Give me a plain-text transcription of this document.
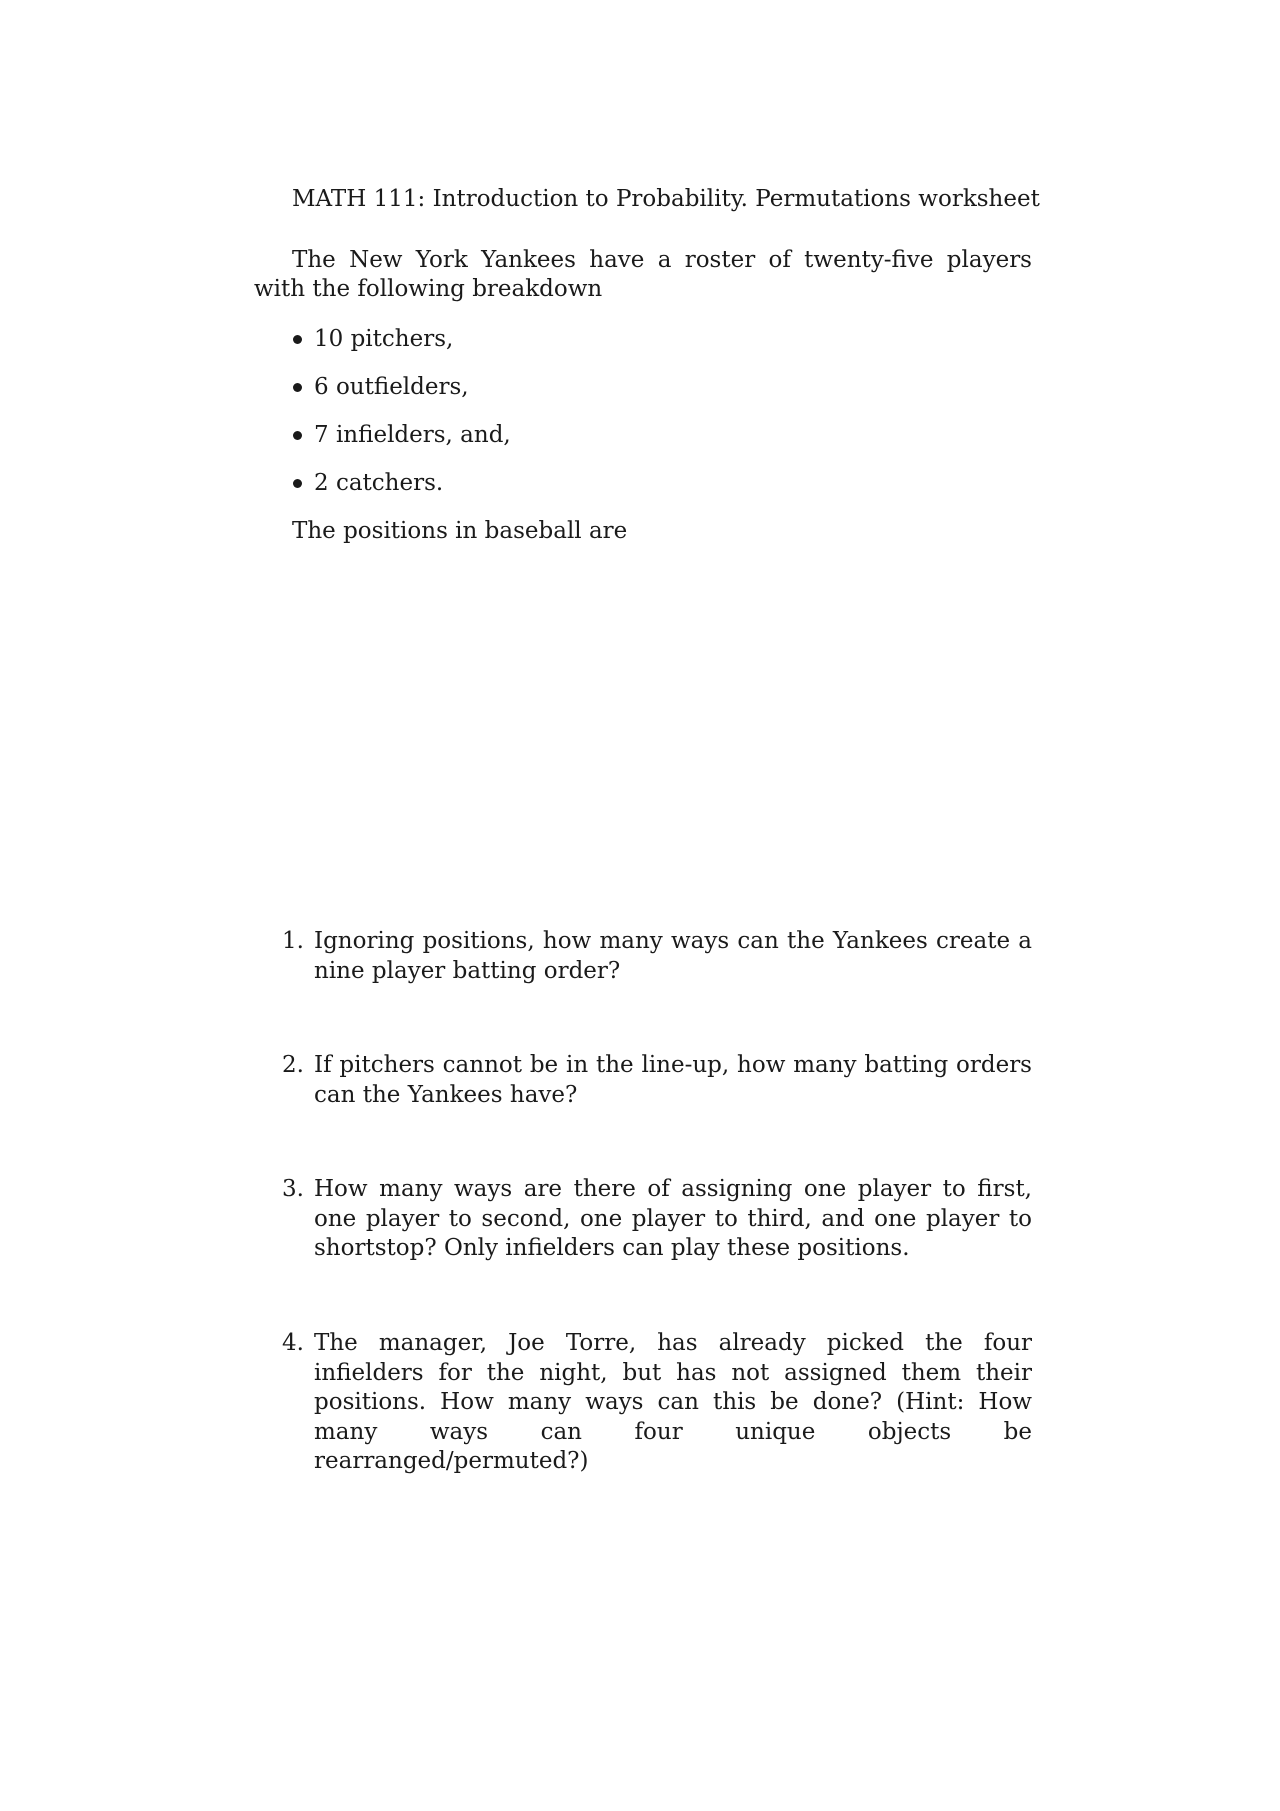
MATH 111: Introduction to Probability. Permutations worksheet
The New York Yankees have a roster of twenty-five players with the following breakdown
10 pitchers,
6 outfielders,
7 infielders, and,
2 catchers.
The positions in baseball are
1. Ignoring positions, how many ways can the Yankees create a nine player batting order?
2. If pitchers cannot be in the line-up, how many batting orders can the Yankees have?
3. How many ways are there of assigning one player to first, one player to second, one player to third, and one player to shortstop? Only infielders can play these positions.
4. The manager, Joe Torre, has already picked the four infielders for the night, but has not assigned them their positions. How many ways can this be done? (Hint: How many ways can four unique objects be rearranged/permuted?)
